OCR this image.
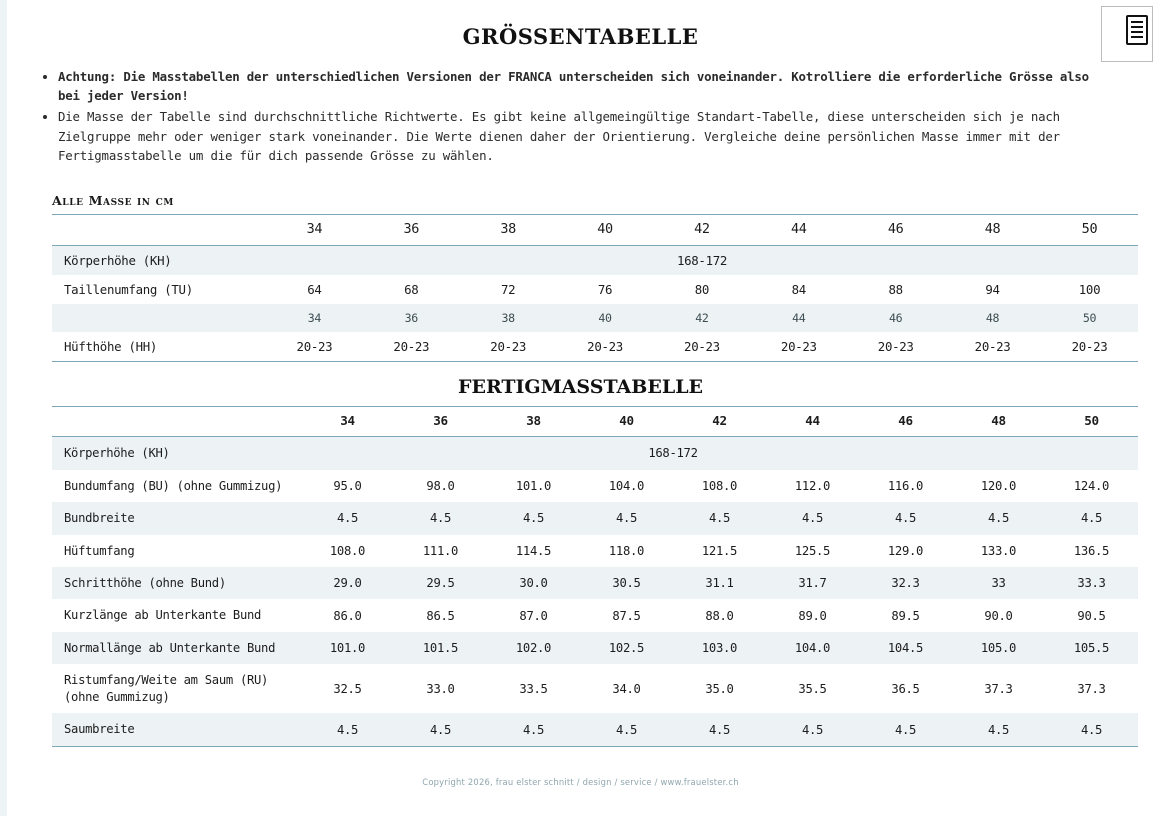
GRÖSSENTABELLE
• Achtung: Die Masstabellen der unterschiedlichen Versionen der FRANCA unterscheiden sich voneinander. Kotrolliere die erforderliche Grösse also bei jeder Version!
• Die Masse der Tabelle sind durchschnittliche Richtwerte. Es gibt keine allgemeingültige Standart-Tabelle, diese unterscheiden sich je nach Zielgruppe mehr oder weniger stark voneinander. Die Werte dienen daher der Orientierung. Vergleiche deine persönlichen Masse immer mit der Fertigmasstabelle um die für dich passende Grösse zu wählen.
Alle Masse in cm
	34	36	38	40	42	44	46	48	50
Körperhöhe (KH)	168-172								
Taillenumfang (TU)	64	68	72	76	80	84	88	94	100
	34	36	38	40	42	44	46	48	50
Hüfthöhe (HH)	20-23	20-23	20-23	20-23	20-23	20-23	20-23	20-23	20-23
FERTIGMASSTABELLE
	34	36	38	40	42	44	46	48	50
Körperhöhe (KH)	168-172								
Bundumfang (BU) (ohne Gummizug)	95.0	98.0	101.0	104.0	108.0	112.0	116.0	120.0	124.0
Bundbreite	4.5	4.5	4.5	4.5	4.5	4.5	4.5	4.5	4.5
Hüftumfang	108.0	111.0	114.5	118.0	121.5	125.5	129.0	133.0	136.5
Schritthöhe (ohne Bund)	29.0	29.5	30.0	30.5	31.1	31.7	32.3	33	33.3
Kurzlänge ab Unterkante Bund	86.0	86.5	87.0	87.5	88.0	89.0	89.5	90.0	90.5
Normallänge ab Unterkante Bund	101.0	101.5	102.0	102.5	103.0	104.0	104.5	105.0	105.5
Ristumfang/Weite am Saum (RU) (ohne Gummizug)	32.5	33.0	33.5	34.0	35.0	35.5	36.5	37.3	37.3
Saumbreite	4.5	4.5	4.5	4.5	4.5	4.5	4.5	4.5	4.5
Copyright 2026, frau elster schnitt / design / service / www.frauelster.ch
